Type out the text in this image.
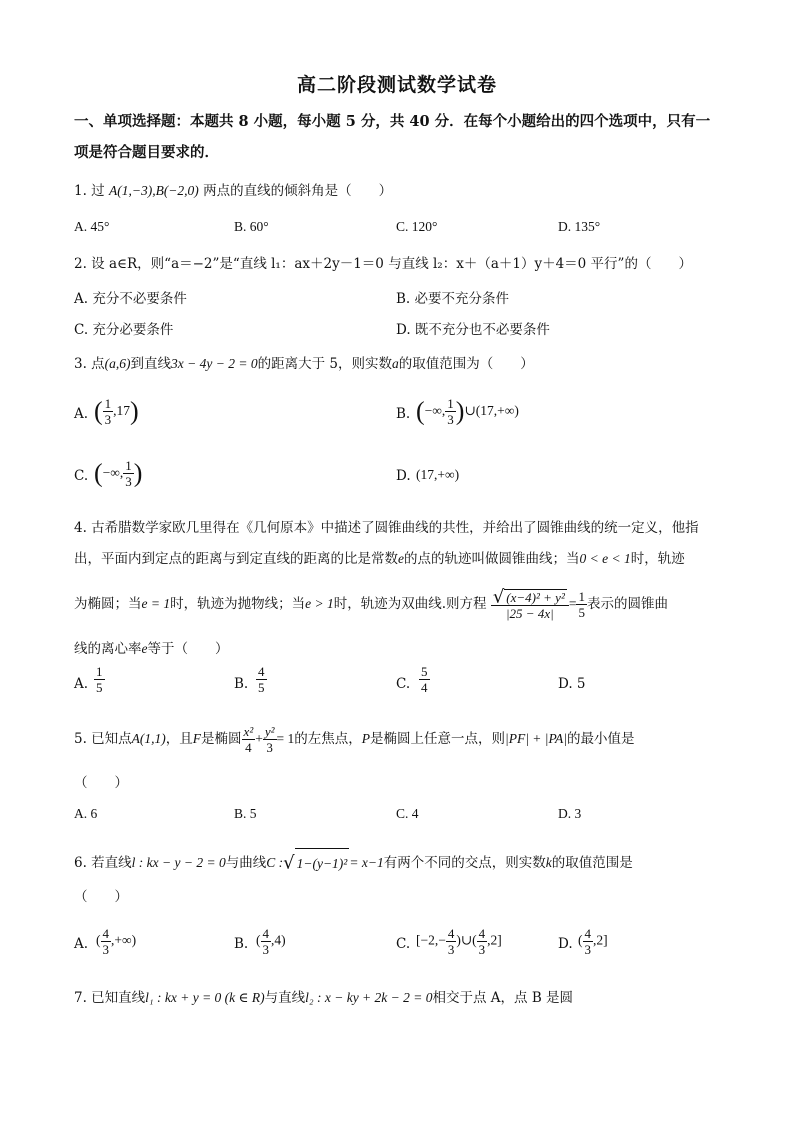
高二阶段测试数学试卷
一、单项选择题：本题共 8 小题，每小题 5 分，共 40 分．在每个小题给出的四个选项中，只有一项是符合题目要求的．
1. 过 A(1,−3),B(−2,0) 两点的直线的倾斜角是（　　）
A. 45°	B. 60°	C. 120°	D. 135°
2. 设 a∈R，则“a＝−2”是“直线 l₁：ax＋2y－1＝0 与直线 l₂：x＋（a＋1）y＋4＝0 平行”的（　　）
A. 充分不必要条件	B. 必要不充分条件
C. 充分必要条件	D. 既不充分也不必要条件
3. 点(a,6)到直线3x − 4y − 2 = 0的距离大于 5，则实数a的取值范围为（　　）
A. ( $\frac{1}{3} ,17$)	B. (−∞, $\frac{1}{3}$ )∪(17,+∞)
C. (−∞, $\frac{1}{3}$ )	D. (17,+∞)
4. 古希腊数学家欧几里得在《几何原本》中描述了圆锥曲线的共性，并给出了圆锥曲线的统一定义，他指
出，平面内到定点的距离与到定直线的距离的比是常数e的点的轨迹叫做圆锥曲线；当0 < e < 1时，轨迹
为椭圆；当e = 1时，轨迹为抛物线；当e > 1时，轨迹为双曲线.则方程 $\frac{\text{√ (x−4)² + y²}}{|25 - 4x|} = \frac{1}{5}$ 表示的圆锥曲
线的离心率e等于（　　）
A. $\frac{1}{5}$	B. $\frac{4}{5}$	C. $\frac{5}{4}$	D. 5
5. 已知点A(1,1)，且F是椭圆 $\frac{\text{x²}}{4} + \frac{\text{y²}}{3} = 1$的左焦点，P是椭圆上任意一点，则|PF| + |PA|的最小值是
（　　）
A. 6	B. 5	C. 4	D. 3
6. 若直线l : kx − y − 2 = 0与曲线C :√ 1−(y−1)² = x−1有两个不同的交点，则实数k的取值范围是
（　　）
A. ( $\frac{4}{3}$ ,+∞)	B. ( $\frac{4}{3} ,4$)	C. [$-2,- \frac{4}{3}$ )∪( $\frac{4}{3} ,2$]	D. ( $\frac{4}{3} ,2$]
7. 已知直线l₁ : kx + y = 0 (k ∈ R)与直线l₂ : x − ky + 2k − 2 = 0相交于点 A，点 B 是圆
